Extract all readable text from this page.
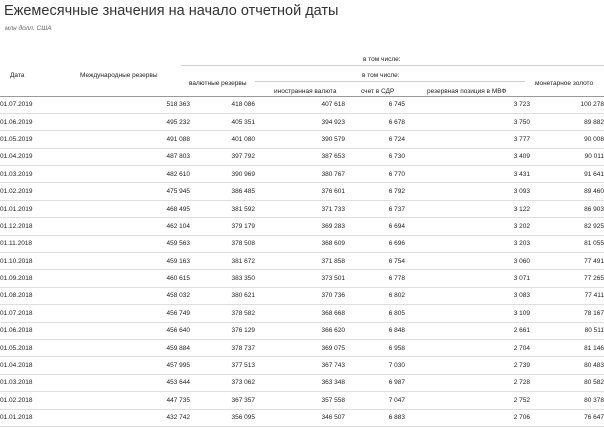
Ежемесячные значения на начало отчетной даты
млн долл. США
в том числе:
Дата	Международные резервы	в том числе:
валютные резервы	монетарное золото
иностранная валюта	счет в СДР	резервная позиция в МВФ
01.07.2019	518 363	418 086	407 618	6 745	3 723	100 278
01.06.2019	495 232	405 351	394 923	6 678	3 750	89 882
01.05.2019	491 088	401 080	390 579	6 724	3 777	90 008
01.04.2019	487 803	397 792	387 653	6 730	3 409	90 011
01.03.2019	482 610	390 969	380 767	6 770	3 431	91 641
01.02.2019	475 945	386 485	376 601	6 792	3 093	89 460
01.01.2019	468 495	381 592	371 733	6 737	3 122	86 903
01.12.2018	462 104	379 179	369 283	6 694	3 202	82 925
01.11.2018	459 563	378 508	368 609	6 696	3 203	81 055
01.10.2018	459 163	381 672	371 858	6 754	3 060	77 491
01.09.2018	460 615	383 350	373 501	6 778	3 071	77 265
01.08.2018	458 032	380 621	370 736	6 802	3 083	77 411
01.07.2018	456 749	378 582	368 668	6 805	3 109	78 167
01.06.2018	456 640	376 129	366 620	6 848	2 661	80 511
01.05.2018	459 884	378 737	369 075	6 958	2 704	81 146
01.04.2018	457 995	377 513	367 743	7 030	2 739	80 483
01.03.2018	453 644	373 062	363 348	6 987	2 728	80 582
01.02.2018	447 735	367 357	357 558	7 047	2 752	80 378
01.01.2018	432 742	356 095	346 507	6 883	2 706	76 647
